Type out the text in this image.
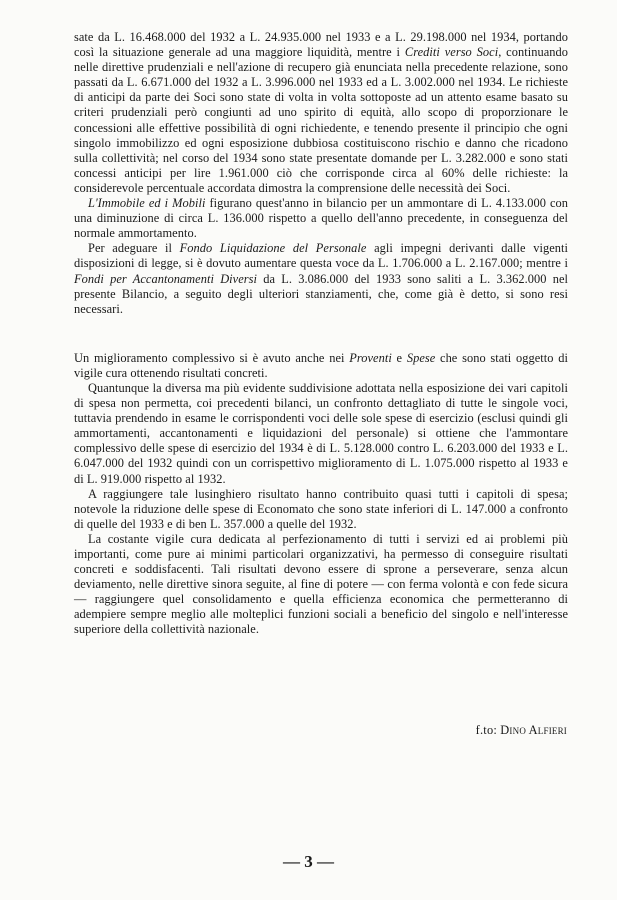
sate da L. 16.468.000 del 1932 a L. 24.935.000 nel 1933 e a L. 29.198.000 nel 1934, portando così la situazione generale ad una maggiore liquidità, mentre i Crediti verso Soci, continuando nelle direttive prudenziali e nell'azione di recupero già enunciata nella precedente relazione, sono passati da L. 6.671.000 del 1932 a L. 3.996.000 nel 1933 ed a L. 3.002.000 nel 1934. Le richieste di anticipi da parte dei Soci sono state di volta in volta sottoposte ad un attento esame basato su criteri prudenziali però congiunti ad uno spirito di equità, allo scopo di proporzionare le concessioni alle effettive possibilità di ogni richiedente, e tenendo presente il principio che ogni singolo immobilizzo ed ogni esposizione dubbiosa costituiscono rischio e danno che ricadono sulla collettività; nel corso del 1934 sono state presentate domande per L. 3.282.000 e sono stati concessi anticipi per lire 1.961.000 ciò che corrisponde circa al 60% delle richieste: la considerevole percentuale accordata dimostra la comprensione delle necessità dei Soci.

L'Immobile ed i Mobili figurano quest'anno in bilancio per un ammontare di L. 4.133.000 con una diminuzione di circa L. 136.000 rispetto a quello dell'anno precedente, in conseguenza del normale ammortamento.

Per adeguare il Fondo Liquidazione del Personale agli impegni derivanti dalle vigenti disposizioni di legge, si è dovuto aumentare questa voce da L. 1.706.000 a L. 2.167.000; mentre i Fondi per Accantonamenti Diversi da L. 3.086.000 del 1933 sono saliti a L. 3.362.000 nel presente Bilancio, a seguito degli ulteriori stanziamenti, che, come già è detto, si sono resi necessari.

Un miglioramento complessivo si è avuto anche nei Proventi e Spese che sono stati oggetto di vigile cura ottenendo risultati concreti.

Quantunque la diversa ma più evidente suddivisione adottata nella esposizione dei vari capitoli di spesa non permetta, coi precedenti bilanci, un confronto dettagliato di tutte le singole voci, tuttavia prendendo in esame le corrispondenti voci delle sole spese di esercizio (esclusi quindi gli ammortamenti, accantonamenti e liquidazioni del personale) si ottiene che l'ammontare complessivo delle spese di esercizio del 1934 è di L. 5.128.000 contro L. 6.203.000 del 1933 e L. 6.047.000 del 1932 quindi con un corrispettivo miglioramento di L. 1.075.000 rispetto al 1933 e di L. 919.000 rispetto al 1932.

A raggiungere tale lusinghiero risultato hanno contribuito quasi tutti i capitoli di spesa; notevole la riduzione delle spese di Economato che sono state inferiori di L. 147.000 a confronto di quelle del 1933 e di ben L. 357.000 a quelle del 1932.

La costante vigile cura dedicata al perfezionamento di tutti i servizi ed ai problemi più importanti, come pure ai minimi particolari organizzativi, ha permesso di conseguire risultati concreti e soddisfacenti. Tali risultati devono essere di sprone a perseverare, senza alcun deviamento, nelle direttive sinora seguite, al fine di potere — con ferma volontà e con fede sicura — raggiungere quel consolidamento e quella efficienza economica che permetteranno di adempiere sempre meglio alle molteplici funzioni sociali a beneficio del singolo e nell'interesse superiore della collettività nazionale.

f.to: Dino Alfieri
— 3 —
